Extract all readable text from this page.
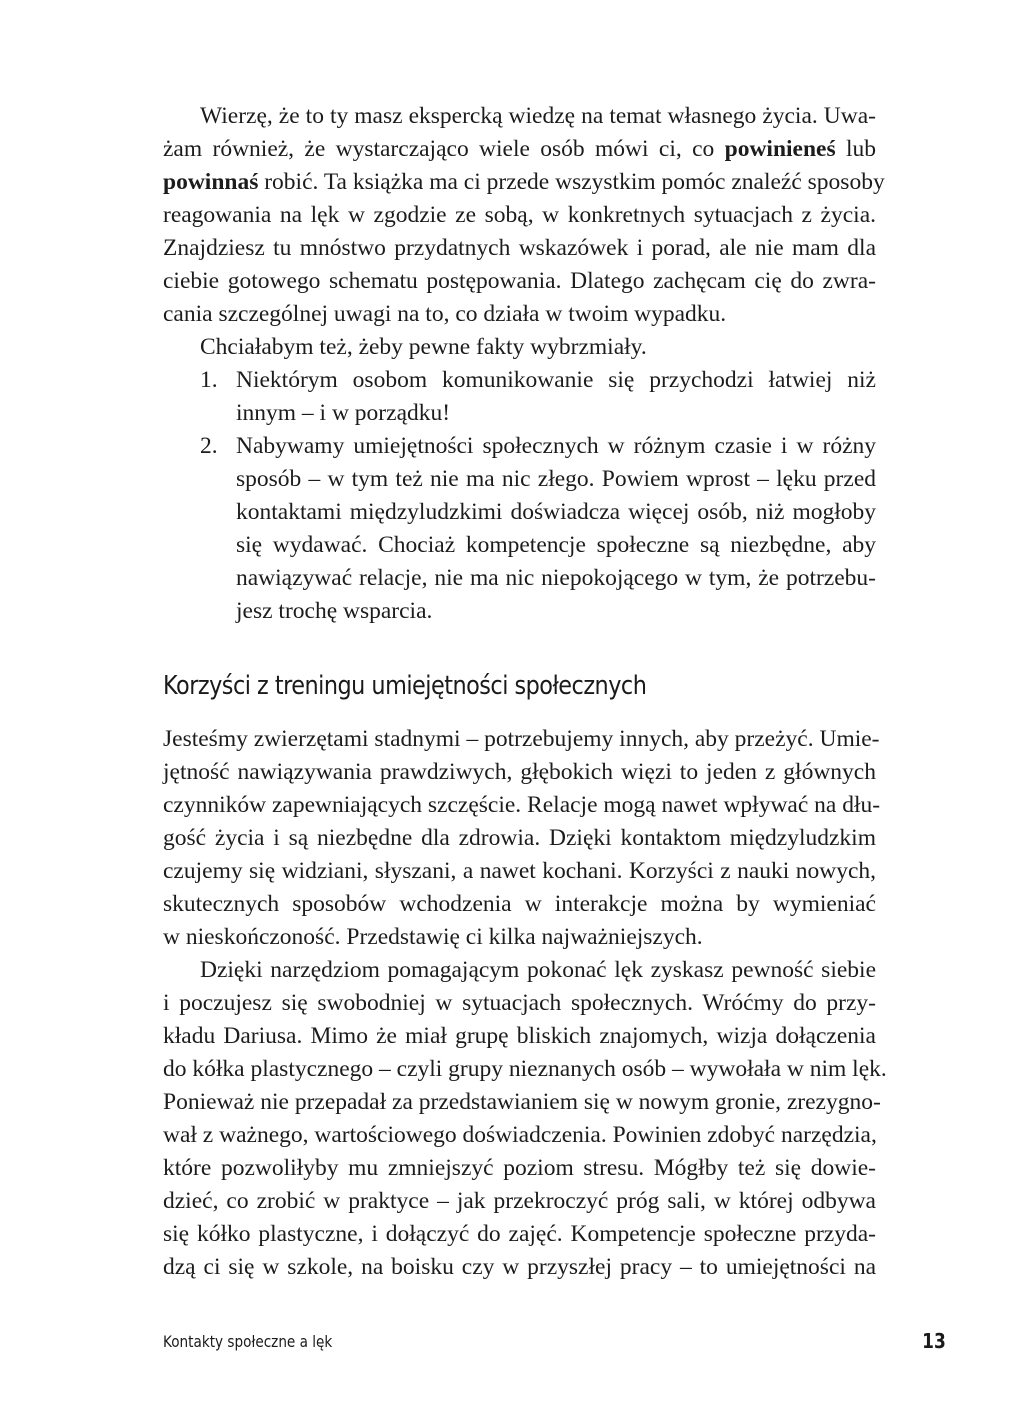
Wierzę, że to ty masz ekspercką wiedzę na temat własnego życia. Uwa-
żam również, że wystarczająco wiele osób mówi ci, co powinieneś lub
powinnaś robić. Ta książka ma ci przede wszystkim pomóc znaleźć sposoby
reagowania na lęk w zgodzie ze sobą, w konkretnych sytuacjach z życia.
Znajdziesz tu mnóstwo przydatnych wskazówek i porad, ale nie mam dla
ciebie gotowego schematu postępowania. Dlatego zachęcam cię do zwra-
cania szczególnej uwagi na to, co działa w twoim wypadku.
Chciałabym też, żeby pewne fakty wybrzmiały.
1. Niektórym osobom komunikowanie się przychodzi łatwiej niż
innym – i w porządku!
2. Nabywamy umiejętności społecznych w różnym czasie i w różny
sposób – w tym też nie ma nic złego. Powiem wprost – lęku przed
kontaktami międzyludzkimi doświadcza więcej osób, niż mogłoby
się wydawać. Chociaż kompetencje społeczne są niezbędne, aby
nawiązywać relacje, nie ma nic niepokojącego w tym, że potrzebu-
jesz trochę wsparcia.
Korzyści z treningu umiejętności społecznych
Jesteśmy zwierzętami stadnymi – potrzebujemy innych, aby przeżyć. Umie-
jętność nawiązywania prawdziwych, głębokich więzi to jeden z głównych
czynników zapewniających szczęście. Relacje mogą nawet wpływać na dłu-
gość życia i są niezbędne dla zdrowia. Dzięki kontaktom międzyludzkim
czujemy się widziani, słyszani, a nawet kochani. Korzyści z nauki nowych,
skutecznych sposobów wchodzenia w interakcje można by wymieniać
w nieskończoność. Przedstawię ci kilka najważniejszych.
Dzięki narzędziom pomagającym pokonać lęk zyskasz pewność siebie
i poczujesz się swobodniej w sytuacjach społecznych. Wróćmy do przy-
kładu Dariusa. Mimo że miał grupę bliskich znajomych, wizja dołączenia
do kółka plastycznego – czyli grupy nieznanych osób – wywołała w nim lęk.
Ponieważ nie przepadał za przedstawianiem się w nowym gronie, zrezygno-
wał z ważnego, wartościowego doświadczenia. Powinien zdobyć narzędzia,
które pozwoliłyby mu zmniejszyć poziom stresu. Mógłby też się dowie-
dzieć, co zrobić w praktyce – jak przekroczyć próg sali, w której odbywa
się kółko plastyczne, i dołączyć do zajęć. Kompetencje społeczne przyda-
dzą ci się w szkole, na boisku czy w przyszłej pracy – to umiejętności na
Kontakty społeczne a lęk	13
